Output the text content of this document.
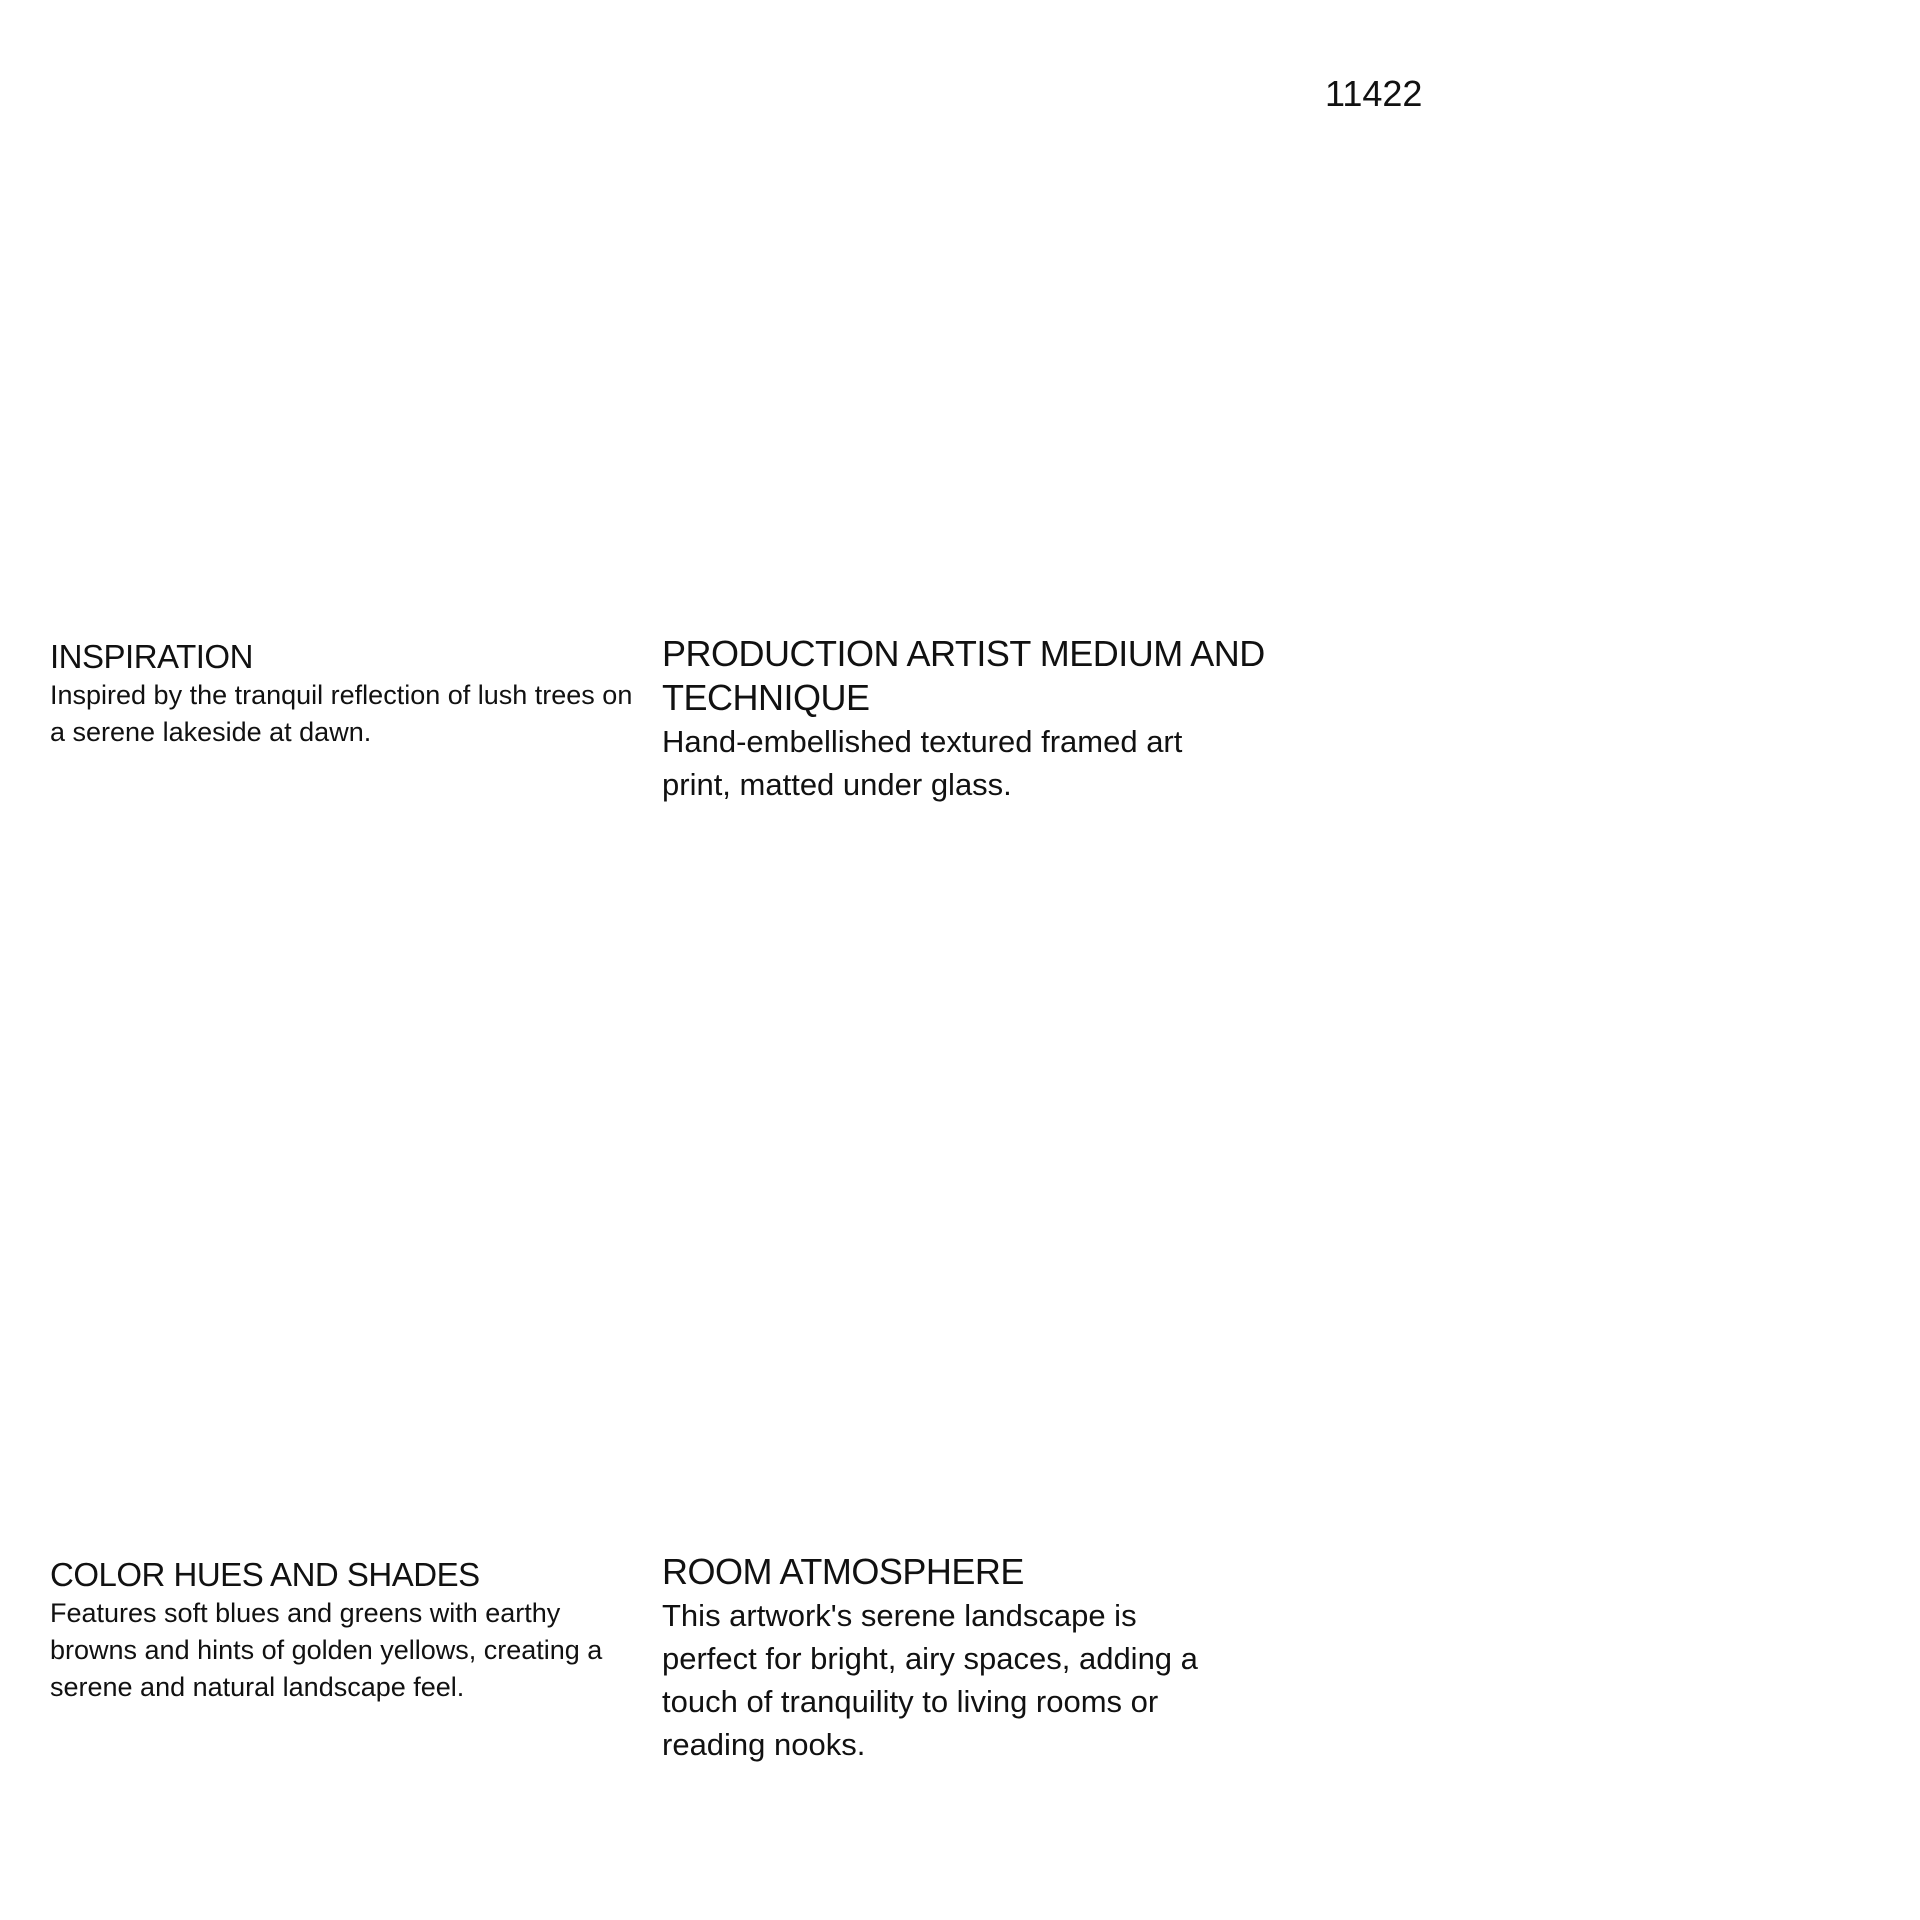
11422
INSPIRATION

Inspired by the tranquil reflection of lush trees on a serene lakeside at dawn.

PRODUCTION ARTIST MEDIUM AND TECHNIQUE

Hand-embellished textured framed art print, matted under glass.

COLOR HUES AND SHADES

Features soft blues and greens with earthy browns and hints of golden yellows, creating a serene and natural landscape feel.

ROOM ATMOSPHERE

This artwork's serene landscape is perfect for bright, airy spaces, adding a touch of tranquility to living rooms or reading nooks.
